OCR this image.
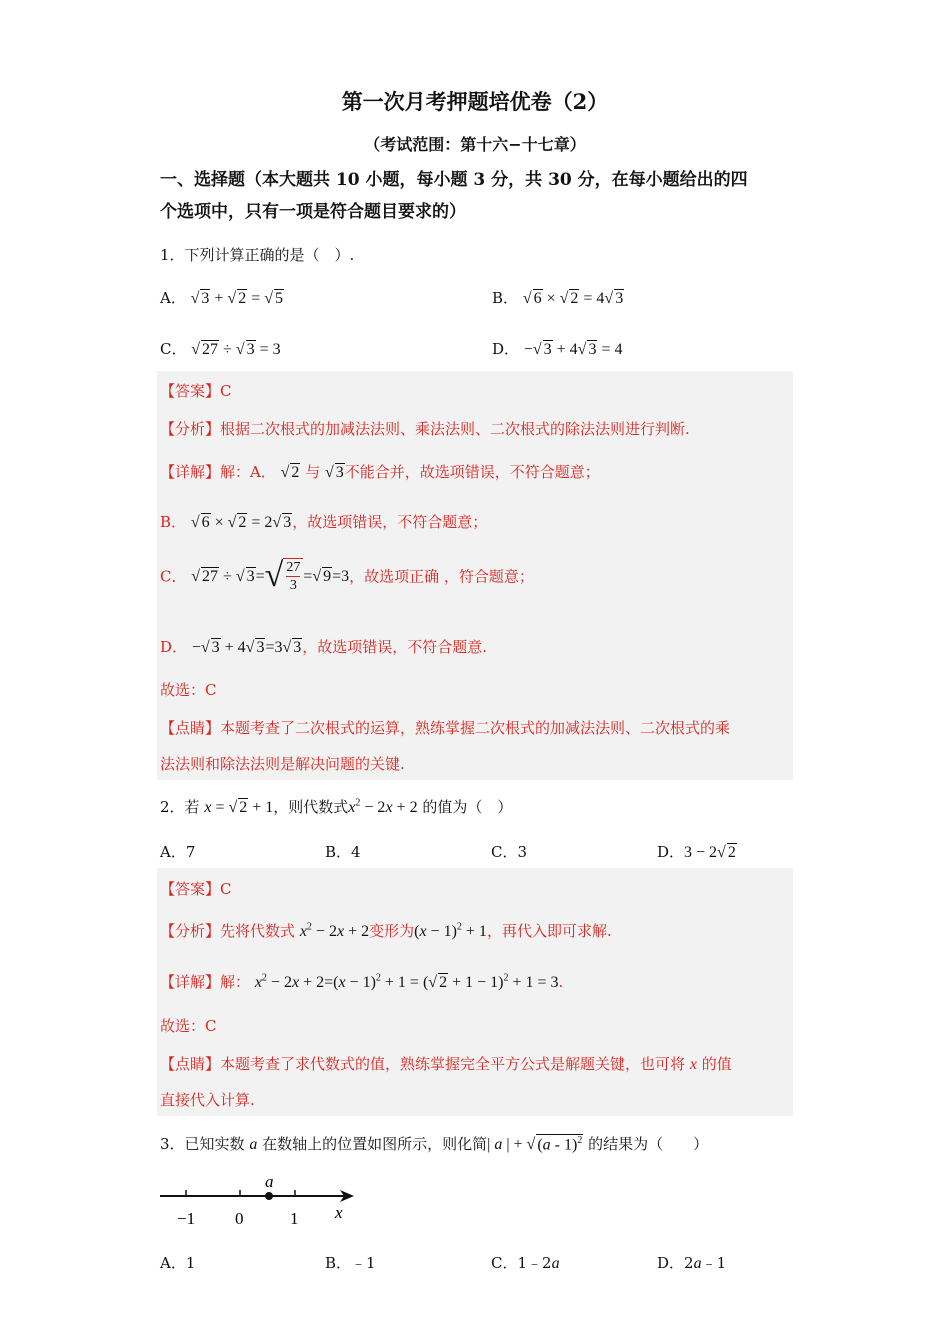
第一次月考押题培优卷（2）
（考试范围：第十六−十七章）
一、选择题（本大题共 10 小题，每小题 3 分，共 30 分，在每小题给出的四
个选项中，只有一项是符合题目要求的）
1．下列计算正确的是（　）.
A． √ 3 + √ 2 = √ 5	B． √ 6 × √ 2 = 4√ 3
C． √ 27 ÷ √ 3 = 3	D． −√ 3 + 4√ 3 = 4
【答案】C
【分析】根据二次根式的加减法法则、乘法法则、二次根式的除法法则进行判断.
【详解】解：A． √ 2 与 √ 3不能合并，故选项错误，不符合题意；
B． √ 6 × √ 2 = 2√ 3，故选项错误，不符合题意；
C． √ 27 ÷ √ 3= √ $\frac{27}{3}$ =√ 9=3，故选项正确 ，符合题意；
D． −√ 3 + 4√ 3=3√ 3，故选项错误，不符合题意.
故选：C
【点睛】本题考查了二次根式的运算，熟练掌握二次根式的加减法法则、二次根式的乘
法法则和除法法则是解决问题的关键.
2．若 x = √ 2 + 1，则代数式$x^2 - 2x + 2$ 的值为（　）
A．7	B．4	C．3	D．3 − 2√ 2
【答案】C
【分析】先将代数式 $x^2 - 2x + 2$变形为$(x - 1)^2 + 1$，再代入即可求解.
【详解】解： $x^2 - 2x + 2=(x - 1)^2 + 1$ = (√ 2 + 1 − 1)$^2$ + 1 = 3.
故选：C
【点睛】本题考查了求代数式的值，熟练掌握完全平方公式是解题关键，也可将 x 的值
直接代入计算.
3．已知实数 a 在数轴上的位置如图所示，则化简| a | + √ (a - 1)$^2$ 的结果为（　　）
a
−1 0	1 x
A．1	B．﹣1	C．1﹣2a	D．2a﹣1
